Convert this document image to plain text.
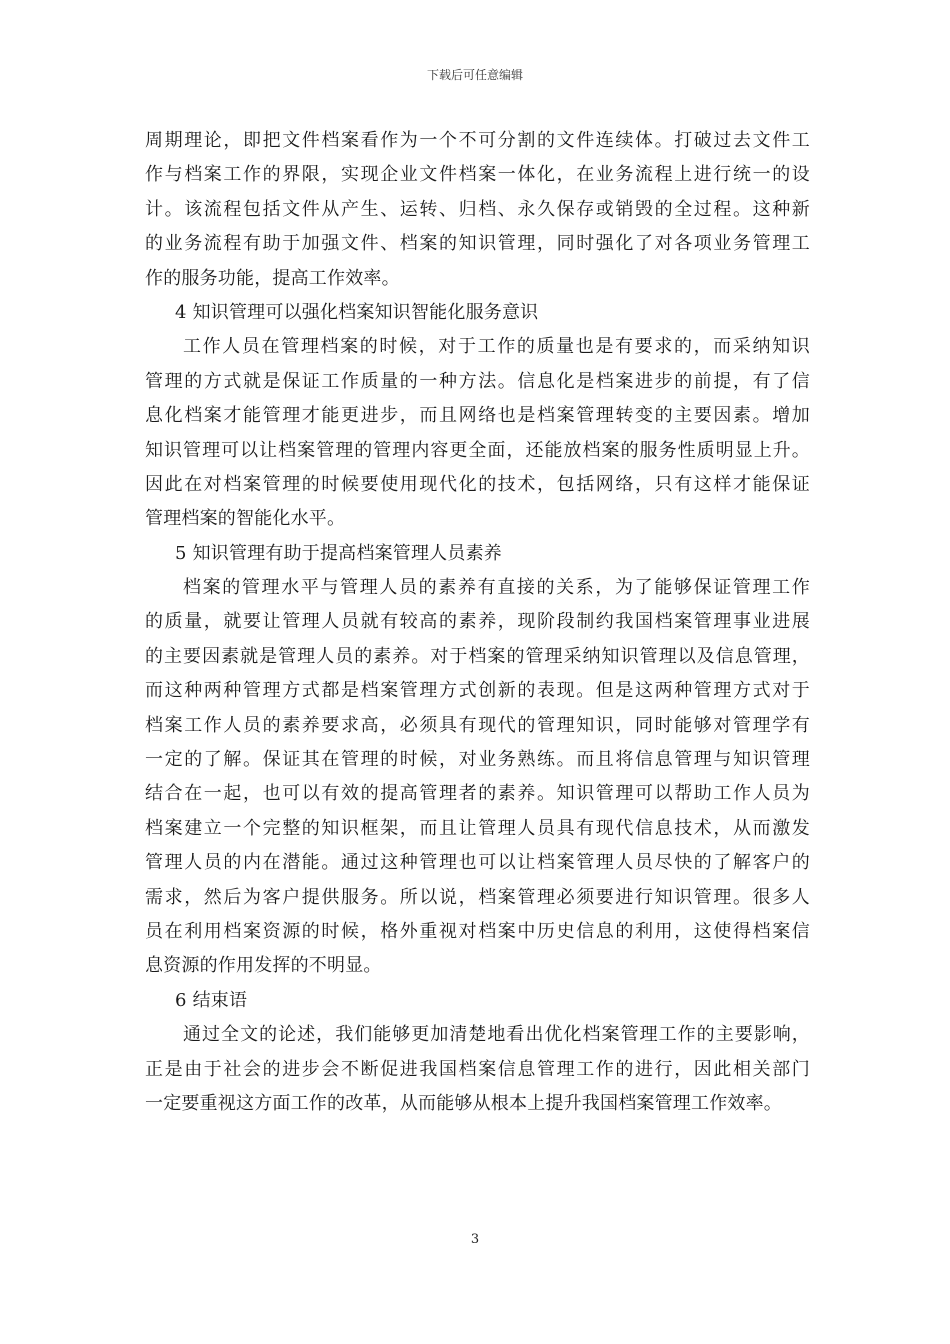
下载后可任意编辑
周期理论，即把文件档案看作为一个不可分割的文件连续体。打破过去文件工
作与档案工作的界限，实现企业文件档案一体化，在业务流程上进行统一的设
计。该流程包括文件从产生、运转、归档、永久保存或销毁的全过程。这种新
的业务流程有助于加强文件、档案的知识管理，同时强化了对各项业务管理工
作的服务功能，提高工作效率。
4 知识管理可以强化档案知识智能化服务意识
工作人员在管理档案的时候，对于工作的质量也是有要求的，而采纳知识
管理的方式就是保证工作质量的一种方法。信息化是档案进步的前提，有了信
息化档案才能管理才能更进步，而且网络也是档案管理转变的主要因素。增加
知识管理可以让档案管理的管理内容更全面，还能放档案的服务性质明显上升。
因此在对档案管理的时候要使用现代化的技术，包括网络，只有这样才能保证
管理档案的智能化水平。
5 知识管理有助于提高档案管理人员素养
档案的管理水平与管理人员的素养有直接的关系，为了能够保证管理工作
的质量，就要让管理人员就有较高的素养，现阶段制约我国档案管理事业进展
的主要因素就是管理人员的素养。对于档案的管理采纳知识管理以及信息管理，
而这种两种管理方式都是档案管理方式创新的表现。但是这两种管理方式对于
档案工作人员的素养要求高，必须具有现代的管理知识，同时能够对管理学有
一定的了解。保证其在管理的时候，对业务熟练。而且将信息管理与知识管理
结合在一起，也可以有效的提高管理者的素养。知识管理可以帮助工作人员为
档案建立一个完整的知识框架，而且让管理人员具有现代信息技术，从而激发
管理人员的内在潜能。通过这种管理也可以让档案管理人员尽快的了解客户的
需求，然后为客户提供服务。所以说，档案管理必须要进行知识管理。很多人
员在利用档案资源的时候，格外重视对档案中历史信息的利用，这使得档案信
息资源的作用发挥的不明显。
6 结束语
通过全文的论述，我们能够更加清楚地看出优化档案管理工作的主要影响，
正是由于社会的进步会不断促进我国档案信息管理工作的进行，因此相关部门
一定要重视这方面工作的改革，从而能够从根本上提升我国档案管理工作效率。
3
